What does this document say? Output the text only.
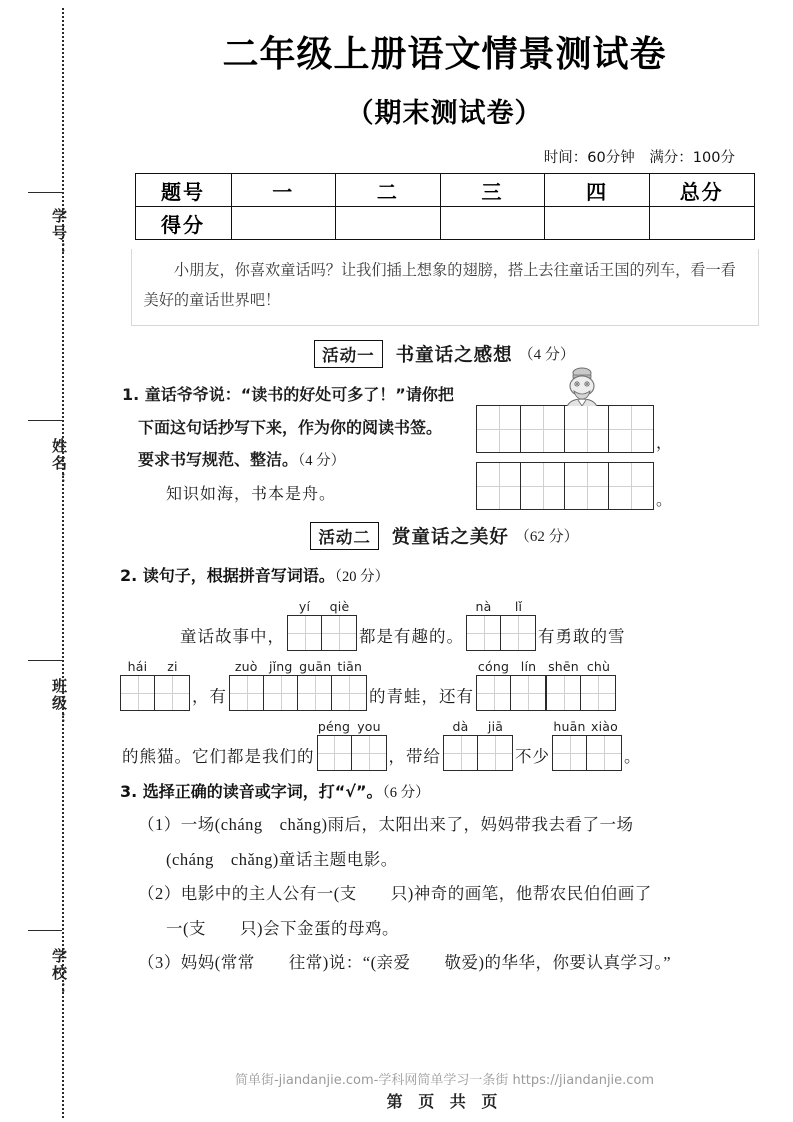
学号：
姓名：
班级：
学校：
二年级上册语文情景测试卷
（期末测试卷）
时间：60分钟 满分：100分
题号	一	二	三	四	总分
得分					
小朋友，你喜欢童话吗？让我们插上想象的翅膀，搭上去往童话王国的列车，看一看美好的童话世界吧！
活动一 书童话之感想 （4 分）
1. 童话爷爷说：“读书的好处可多了！”请你把
下面这句话抄写下来，作为你的阅读书签。
要求书写规范、整洁。（4 分）
知识如海，书本是舟。
，
。
活动二 赏童话之美好 （62 分）
2. 读句子，根据拼音写词语。（20 分）
童话故事中，
yí	qiè
都是有趣的。
nà	lǐ
有勇敢的雪
hái	zi
，有
zuò jǐng guān tiān
的青蛙，还有
cóng lín shēn chù
的熊猫。它们都是我们的
péng you
，带给
dà	jiā
不少
huān xiào
。
3. 选择正确的读音或字词，打“√”。（6 分）
（1）一场(cháng　chǎng)雨后，太阳出来了，妈妈带我去看了一场
(cháng　chǎng)童话主题电影。
（2）电影中的主人公有一(支　　只)神奇的画笔，他帮农民伯伯画了
一(支　　只)会下金蛋的母鸡。
（3）妈妈(常常　　往常)说：“(亲爱　　敬爱)的华华，你要认真学习。”
简单街-jiandanjie.com-学科网简单学习一条街 https://jiandanjie.com
第 页 共 页
